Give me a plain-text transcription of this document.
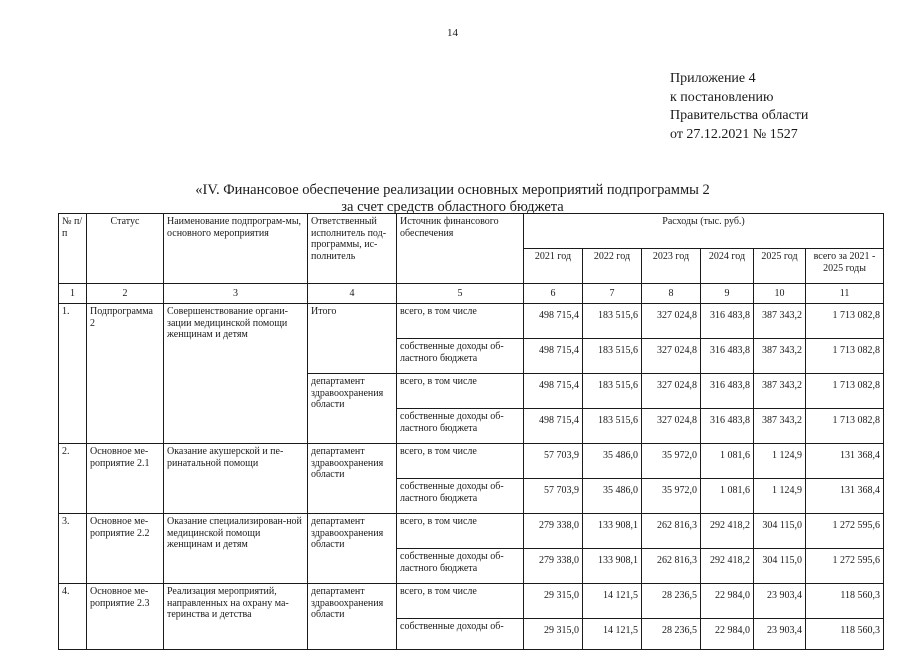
14
Приложение 4
к постановлению
Правительства области
от 27.12.2021 № 1527
«IV. Финансовое обеспечение реализации основных мероприятий подпрограммы 2
за счет средств областного бюджета
№ п/п	Статус	Наименование подпрограм-мы, основного мероприятия	Ответственный исполнитель под-программы, ис-полнитель	Источник финансового обеспечения	Расходы (тыс. руб.)					
					2021 год	2022 год	2023 год	2024 год	2025 год	всего за 2021 - 2025 годы
1	2	3	4	5	6	7	8	9	10	11
1.	Подпрограмма 2	Совершенствование органи-зации медицинской помощи женщинам и детям	Итого	всего, в том числе	498 715,4	183 515,6	327 024,8	316 483,8	387 343,2	1 713 082,8
				собственные доходы об-ластного бюджета	498 715,4	183 515,6	327 024,8	316 483,8	387 343,2	1 713 082,8
			департамент здравоохранения области	всего, в том числе	498 715,4	183 515,6	327 024,8	316 483,8	387 343,2	1 713 082,8
				собственные доходы об-ластного бюджета	498 715,4	183 515,6	327 024,8	316 483,8	387 343,2	1 713 082,8
2.	Основное ме-роприятие 2.1	Оказание акушерской и пе-ринатальной помощи	департамент здравоохранения области	всего, в том числе	57 703,9	35 486,0	35 972,0	1 081,6	1 124,9	131 368,4
				собственные доходы об-ластного бюджета	57 703,9	35 486,0	35 972,0	1 081,6	1 124,9	131 368,4
3.	Основное ме-роприятие 2.2	Оказание специализирован-ной медицинской помощи женщинам и детям	департамент здравоохранения области	всего, в том числе	279 338,0	133 908,1	262 816,3	292 418,2	304 115,0	1 272 595,6
				собственные доходы об-ластного бюджета	279 338,0	133 908,1	262 816,3	292 418,2	304 115,0	1 272 595,6
4.	Основное ме-роприятие 2.3	Реализация мероприятий, направленных на охрану ма-теринства и детства	департамент здравоохранения области	всего, в том числе	29 315,0	14 121,5	28 236,5	22 984,0	23 903,4	118 560,3
				собственные доходы об-	29 315,0	14 121,5	28 236,5	22 984,0	23 903,4	118 560,3
